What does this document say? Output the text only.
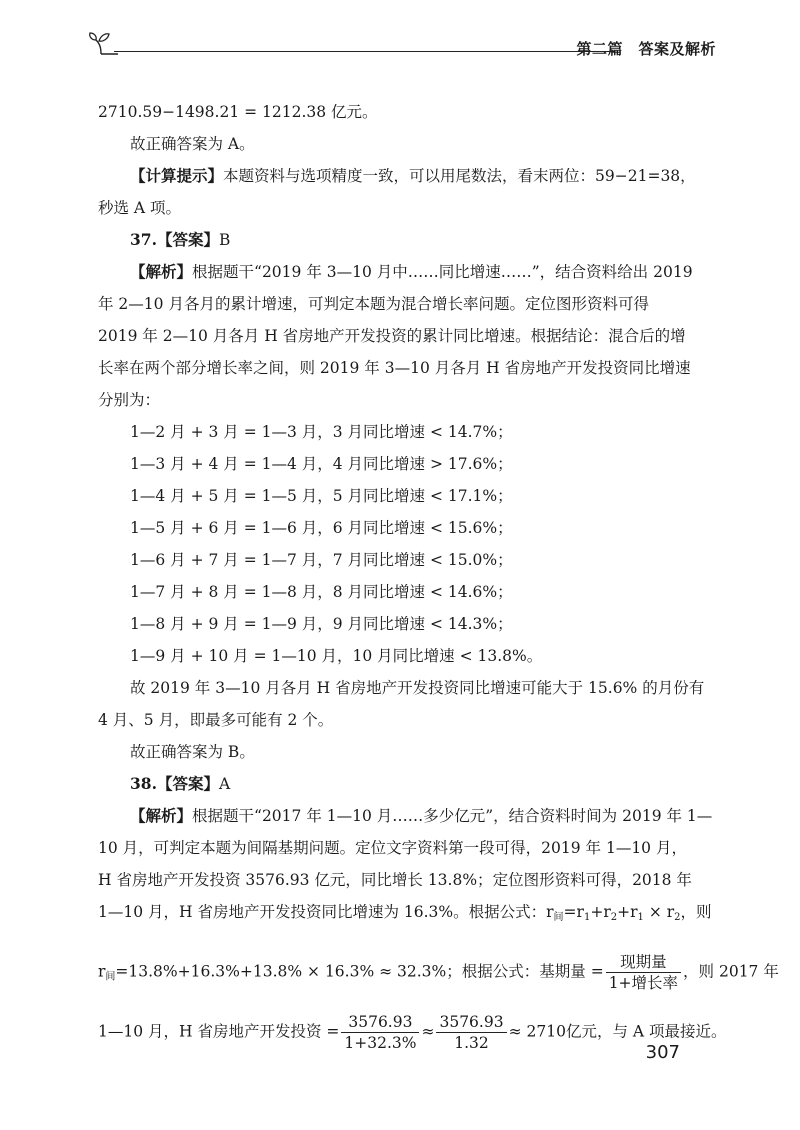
第二篇　答案及解析
2710.59−1498.21 = 1212.38 亿元。
故正确答案为 A。
【计算提示】本题资料与选项精度一致，可以用尾数法，看末两位：59−21=38，
秒选 A 项。
37.【答案】B
【解析】根据题干“2019 年 3—10 月中……同比增速……”，结合资料给出 2019
年 2—10 月各月的累计增速，可判定本题为混合增长率问题。定位图形资料可得
2019 年 2—10 月各月 H 省房地产开发投资的累计同比增速。根据结论：混合后的增
长率在两个部分增长率之间，则 2019 年 3—10 月各月 H 省房地产开发投资同比增速
分别为：
1—2 月 + 3 月 = 1—3 月，3 月同比增速 < 14.7%；
1—3 月 + 4 月 = 1—4 月，4 月同比增速 > 17.6%；
1—4 月 + 5 月 = 1—5 月，5 月同比增速 < 17.1%；
1—5 月 + 6 月 = 1—6 月，6 月同比增速 < 15.6%；
1—6 月 + 7 月 = 1—7 月，7 月同比增速 < 15.0%；
1—7 月 + 8 月 = 1—8 月，8 月同比增速 < 14.6%；
1—8 月 + 9 月 = 1—9 月，9 月同比增速 < 14.3%；
1—9 月 + 10 月 = 1—10 月，10 月同比增速 < 13.8%。
故 2019 年 3—10 月各月 H 省房地产开发投资同比增速可能大于 15.6% 的月份有
4 月、5 月，即最多可能有 2 个。
故正确答案为 B。
38.【答案】A
【解析】根据题干“2017 年 1—10 月……多少亿元”，结合资料时间为 2019 年 1—
10 月，可判定本题为间隔基期问题。定位文字资料第一段可得，2019 年 1—10 月，
H 省房地产开发投资 3576.93 亿元，同比增长 13.8%；定位图形资料可得，2018 年
1—10 月，H 省房地产开发投资同比增速为 16.3%。根据公式：$r_间=r_1+r_2+r_1 \times r_2$，则
$r_间=13.8\%+16.3\%+13.8\% \times 16.3\% \approx 32.3\%$；根据公式：基期量 = $\frac{\text{现期量}}{\text{1+增长率}}$ ，则 2017 年
1—10 月，H 省房地产开发投资 = $\frac{3576.93}{1+32.3\%} \approx \frac{3576.93}{1.32} \approx 2710$亿元，与 A 项最接近。
307
